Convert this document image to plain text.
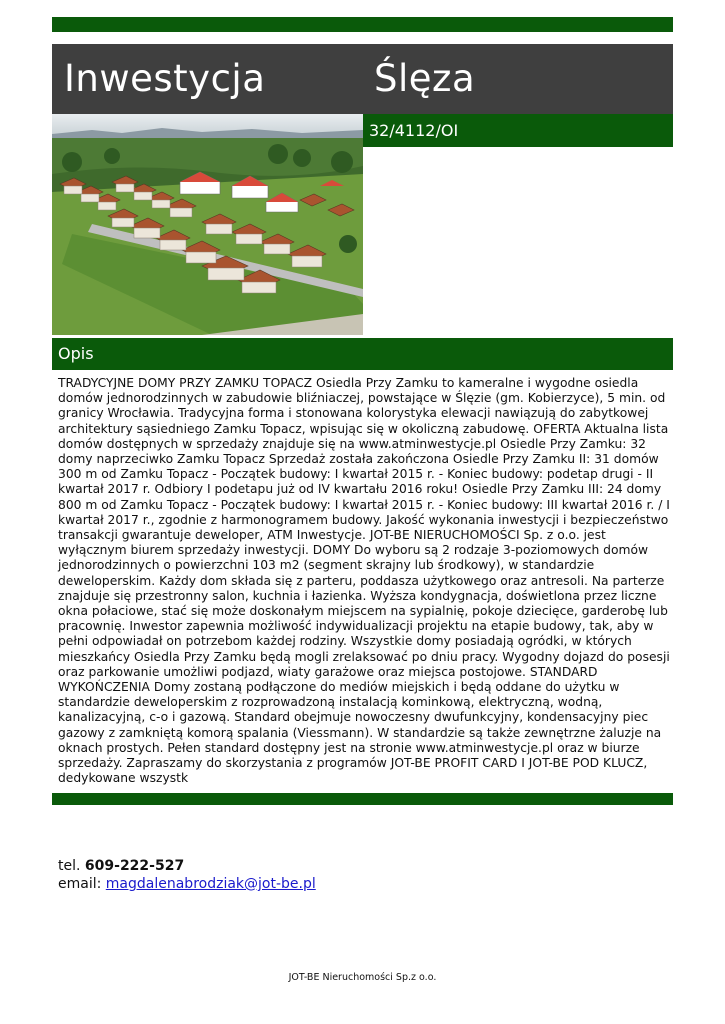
Inwestycja	Ślęza
32/4112/OI
Opis

TRADYCYJNE DOMY PRZY ZAMKU TOPACZ Osiedla Przy Zamku to kameralne i wygodne osiedla domów jednorodzinnych w zabudowie bliźniaczej, powstające w Ślęzie (gm. Kobierzyce), 5 min. od granicy Wrocławia. Tradycyjna forma i stonowana kolorystyka elewacji nawiązują do zabytkowej architektury sąsiedniego Zamku Topacz, wpisując się w okoliczną zabudowę. OFERTA Aktualna lista domów dostępnych w sprzedaży znajduje się na www.atminwestycje.pl Osiedle Przy Zamku: 32 domy naprzeciwko Zamku Topacz Sprzedaż została zakończona Osiedle Przy Zamku II: 31 domów 300 m od Zamku Topacz - Początek budowy: I kwartał 2015 r. - Koniec budowy: podetap drugi - II kwartał 2017 r. Odbiory I podetapu już od IV kwartału 2016 roku! Osiedle Przy Zamku III: 24 domy 800 m od Zamku Topacz - Początek budowy: I kwartał 2015 r. - Koniec budowy: III kwartał 2016 r. / I kwartał 2017 r., zgodnie z harmonogramem budowy. Jakość wykonania inwestycji i bezpieczeństwo transakcji gwarantuje deweloper, ATM Inwestycje. JOT-BE NIERUCHOMOŚCI Sp. z o.o. jest wyłącznym biurem sprzedaży inwestycji. DOMY Do wyboru są 2 rodzaje 3-poziomowych domów jednorodzinnych o powierzchni 103 m2 (segment skrajny lub środkowy), w standardzie deweloperskim. Każdy dom składa się z parteru, poddasza użytkowego oraz antresoli. Na parterze znajduje się przestronny salon, kuchnia i łazienka. Wyższa kondygnacja, doświetlona przez liczne okna połaciowe, stać się może doskonałym miejscem na sypialnię, pokoje dziecięce, garderobę lub pracownię. Inwestor zapewnia możliwość indywidualizacji projektu na etapie budowy, tak, aby w pełni odpowiadał on potrzebom każdej rodziny. Wszystkie domy posiadają ogródki, w których mieszkańcy Osiedla Przy Zamku będą mogli zrelaksować po dniu pracy. Wygodny dojazd do posesji oraz parkowanie umożliwi podjazd, wiaty garażowe oraz miejsca postojowe. STANDARD WYKOŃCZENIA Domy zostaną podłączone do mediów miejskich i będą oddane do użytku w standardzie deweloperskim z rozprowadzoną instalacją kominkową, elektryczną, wodną, kanalizacyjną, c-o i gazową. Standard obejmuje nowoczesny dwufunkcyjny, kondensacyjny piec gazowy z zamkniętą komorą spalania (Viessmann). W standardzie są także zewnętrzne żaluzje na oknach prostych. Pełen standard dostępny jest na stronie www.atminwestycje.pl oraz w biurze sprzedaży. Zapraszamy do skorzystania z programów JOT-BE PROFIT CARD I JOT-BE POD KLUCZ, dedykowane wszystk

tel. 609-222-527
email: magdalenabrodziak@jot-be.pl
JOT-BE Nieruchomości Sp.z o.o.
